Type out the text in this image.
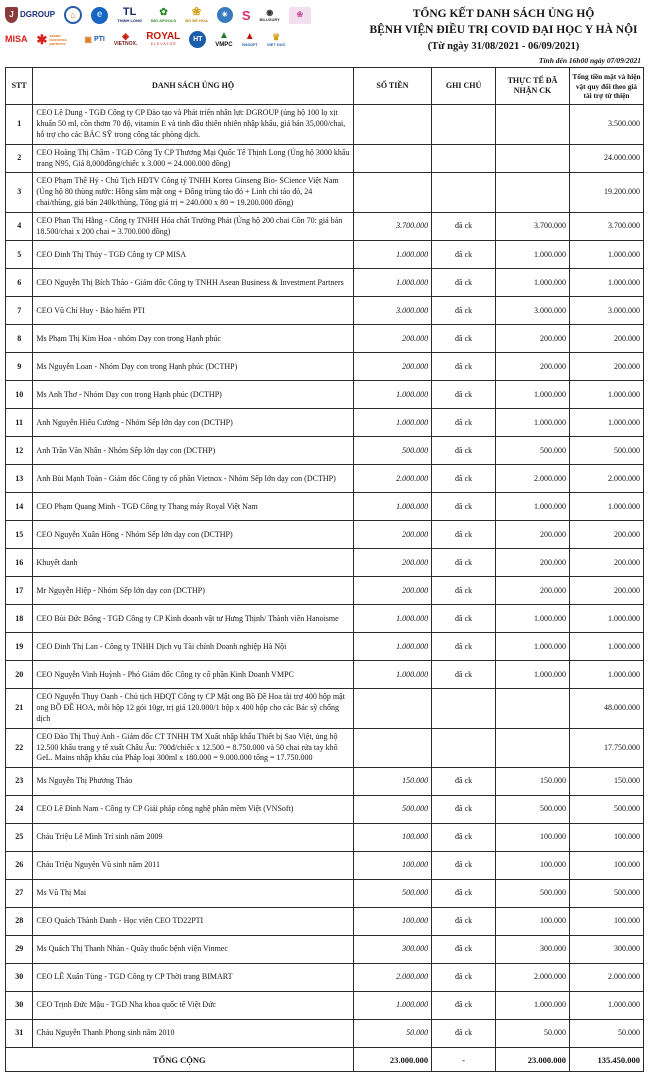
J DGROUP	⌂	e	TL
THỊNH LONG
✿
BIO APGOLD
❀
BỒ ĐỀ HOA
✴	S ◉
BILUXURY	❀
MISA ✱ asean business partners	▣ PTI ◈
VIETNOX.
ROYAL
E L E V A T O R
HT	▲
VMPC
▲
VNSOFT
♛
VIET DUC
TỔNG KẾT DANH SÁCH ỦNG HỘ
BỆNH VIỆN ĐIỀU TRỊ COVID ĐẠI HỌC Y HÀ NỘI
(Từ ngày 31/08/2021 - 06/09/2021)
Tính đến 16h00 ngày 07/09/2021
STT	DANH SÁCH ỦNG HỘ	SỐ TIỀN	GHI CHÚ	THỰC TẾ ĐÃ NHẬN CK	Tổng tiền mặt và hiện vật quy đổi theo giá tài trợ từ thiện
1	CEO Lê Dung - TGĐ Công ty CP Đào tạo và Phát triển nhân lực DGROUP (ủng hộ 100 lọ xịt khuẩn 50 ml, cồn thơm 70 độ, vitamin E và tinh dầu thiên nhiên nhập khẩu, giá bán 35,000/chai, hỗ trợ cho các BÁC SỸ trong công tác phòng dịch.				3.500.000
2	CEO Hoàng Thị Chầm - TGĐ Công Ty CP Thương Mại Quốc Tế Thịnh Long (Ủng hộ 3000 khẩu trang N95, Giá 8,000đồng/chiếc x 3.000 = 24.000.000 đồng)				24.000.000
3	CEO Phạm Thế Hỷ - Chủ Tịch HĐTV Công tý TNHH Korea Ginseng Bio- SCience Việt Nam (Ủng hộ 80 thùng nước: Hồng sâm mật ong + Đông trùng táo đỏ + Linh chi táo đỏ, 24 chai/thùng, giá bán 240k/thùng, Tổng giá trị = 240.000 x 80 = 19.200.000 đồng)				19.200.000
4	CEO Phan Thị Hằng - Công ty TNHH Hóa chất Trường Phát (Ủng hộ 200 chai Cồn 70: giá bán 18.500/chai x 200 chai = 3.700.000 đồng)	3.700.000	đã ck	3.700.000	3.700.000
5	CEO Đinh Thị Thúy - TGĐ Công ty CP MISA	1.000.000	đã ck	1.000.000	1.000.000
6	CEO Nguyễn Thị Bích Thảo - Giám đốc Công ty TNHH Asean Business & Investment Partners	1.000.000	đã ck	1.000.000	1.000.000
7	CEO Vũ Chí Huy - Bảo hiểm PTI	3.000.000	đã ck	3.000.000	3.000.000
8	Ms Phạm Thị Kim Hoa - nhóm Dạy con trong Hạnh phúc	200.000	đã ck	200.000	200.000
9	Ms Nguyễn Loan - Nhóm Dạy con trong Hạnh phúc (DCTHP)	200.000	đã ck	200.000	200.000
10	Ms Anh Thơ - Nhóm Dạy con trong Hạnh phúc (DCTHP)	1.000.000	đã ck	1.000.000	1.000.000
11	Anh Nguyễn Hiếu Cường - Nhóm Sếp lớn dạy con (DCTHP)	1.000.000	đã ck	1.000.000	1.000.000
12	Anh Trần Văn Nhân - Nhóm Sếp lớn dạy con (DCTHP)	500.000	đã ck	500.000	500.000
13	Anh Bùi Mạnh Toàn - Giám đốc Công ty cổ phần Vietnox - Nhóm Sếp lớn dạy con (DCTHP)	2.000.000	đã ck	2.000.000	2.000.000
14	CEO Phạm Quang Minh - TGĐ Công ty Thang máy Royal Việt Nam	1.000.000	đã ck	1.000.000	1.000.000
15	CEO Nguyễn Xuân Hồng - Nhóm Sếp lớn dạy con (DCTHP)	200.000	đã ck	200.000	200.000
16	Khuyết danh	200.000	đã ck	200.000	200.000
17	Mr Nguyễn Hiệp - Nhóm Sếp lớn dạy con (DCTHP)	200.000	đã ck	200.000	200.000
18	CEO Bùi Đức Bổng - TGĐ Công ty CP Kinh doanh vật tư Hưng Thịnh/ Thành viên Hanoisme	1.000.000	đã ck	1.000.000	1.000.000
19	CEO Đinh Thị Lan - Công ty TNHH Dịch vụ Tài chính Doanh nghiệp Hà Nội	1.000.000	đã ck	1.000.000	1.000.000
20	CEO Nguyễn Vinh Huỳnh - Phó Giám đốc Công ty cổ phần Kinh Doanh VMPC	1.000.000	đã ck	1.000.000	1.000.000
21	CEO Nguyễn Thụy Oanh - Chủ tịch HĐQT Công ty CP Mật ong Bồ Đề Hoa tài trợ 400 hộp mật ong BỒ ĐỀ HOA, mỗi hộp 12 gói 10gr, trị giá 120.000/1 hộp x 400 hộp cho các Bác sỹ chống dịch				48.000.000
22	CEO Đào Thị Thuý Anh - Giám đốc CT TNHH TM Xuất nhập khẩu Thiết bị Sao Việt, ủng hộ 12.500 khẩu trang y tế xuất Châu Âu: 700đ/chiếc x 12.500 = 8.750.000 và 50 chai rửa tay khô GeL. Mains nhập khẩu của Pháp loại 300ml x 180.000 = 9.000.000 tổng = 17.750.000				17.750.000
23	Ms Nguyễn Thị Phương Thảo	150.000	đã ck	150.000	150.000
24	CEO Lê Đình Nam - Công ty CP Giải pháp công nghệ phần mềm Việt (VNSoft)	500.000	đã ck	500.000	500.000
25	Cháu Triệu Lê Minh Trí sinh năm 2009	100.000	đã ck	100.000	100.000
26	Cháu Triệu Nguyên Vũ sinh năm 2011	100.000	đã ck	100.000	100.000
27	Ms Vũ Thị Mai	500.000	đã ck	500.000	500.000
28	CEO Quách Thành Danh - Học viên CEO TD22PTI	100.000	đã ck	100.000	100.000
29	Ms Quách Thị Thanh Nhàn - Quầy thuốc bệnh viện Vinmec	300.000	đã ck	300.000	300.000
30	CEO LÊ Xuân Tùng - TGD Công ty CP Thời trang BIMART	2.000.000	đã ck	2.000.000	2.000.000
30	CEO Trịnh Đức Mậu - TGD Nha khoa quốc tế Việt Đức	1.000.000	đã ck	1.000.000	1.000.000
31	Cháu Nguyễn Thanh Phong sinh năm 2010	50.000	đã ck	50.000	50.000
TỔNG CỘNG		23.000.000	-	23.000.000	135.450.000
